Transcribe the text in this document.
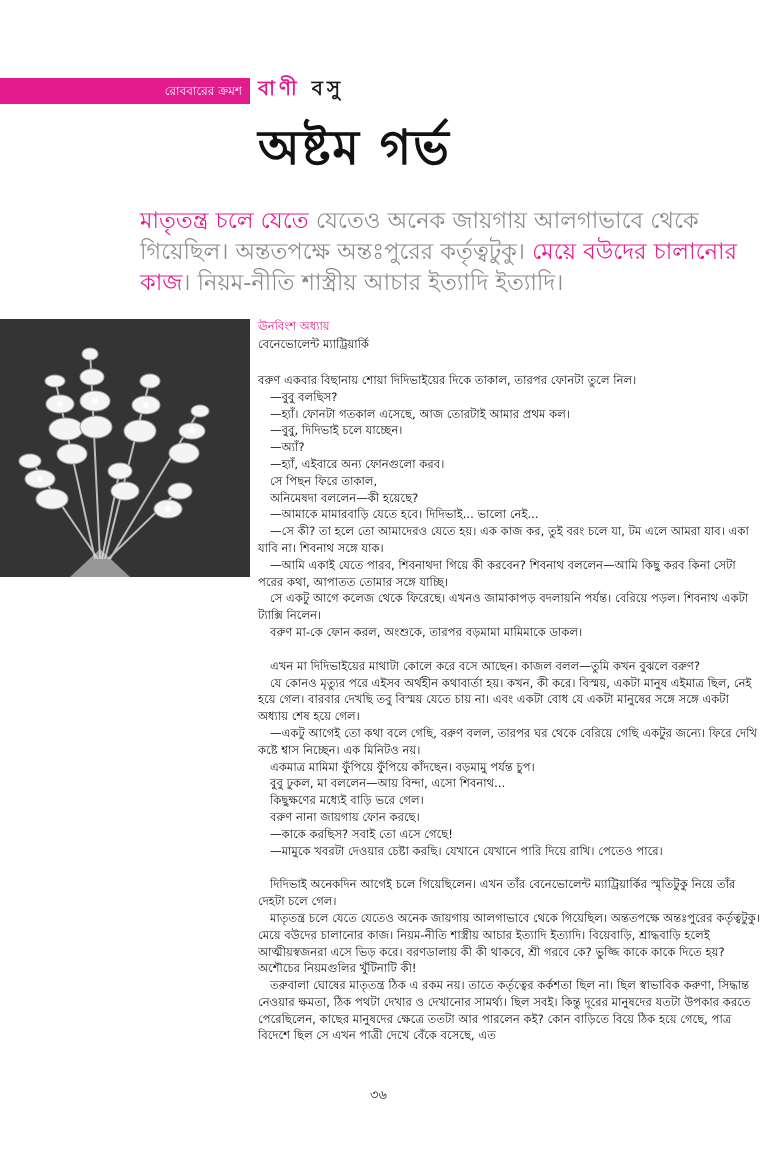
রোববারের ক্রমশ বাণী বসু
অষ্টম গর্ভ
মাতৃতন্ত্র চলে যেতে যেতেও অনেক জায়গায় আলগাভাবে থেকে গিয়েছিল। অন্ততপক্ষে অন্তঃপুরের কর্তৃত্বটুকু। মেয়ে বউদের চালানোর কাজ। নিয়ম-নীতি শাস্ত্রীয় আচার ইত্যাদি ইত্যাদি।
ঊনবিংশ অধ্যায়
বেনেভোলেন্ট ম্যাট্রিয়ার্কি

বরুণ একবার বিছানায় শোয়া দিদিভাইয়ের দিকে তাকাল, তারপর ফোনটা তুলে নিল।

—বুবু বলছিস?

—হ্যাঁ। ফোনটা গতকাল এসেছে, আজ তোরটাই আমার প্রথম কল।

—বুবু, দিদিভাই চলে যাচ্ছেন।

—অ্যাঁ?

—হ্যাঁ, এইবারে অন্য ফোনগুলো করব।

সে পিছন ফিরে তাকাল,

অনিমেষদা বললেন—কী হয়েছে?

—আমাকে মামারবাড়ি যেতে হবে। দিদিভাই... ভালো নেই...

—সে কী? তা হলে তো আমাদেরও যেতে হয়। এক কাজ কর, তুই বরং চলে যা, টম এলে আমরা যাব। একা যাবি না। শিবনাথ সঙ্গে যাক।

—আমি একাই যেতে পারব, শিবনাথদা গিয়ে কী করবেন? শিবনাথ বললেন—আমি কিছু করব কিনা সেটা পরের কথা, আপাতত তোমার সঙ্গে যাচ্ছি।

সে একটু আগে কলেজ থেকে ফিরেছে। এখনও জামাকাপড় বদলায়নি পর্যন্ত। বেরিয়ে পড়ল। শিবনাথ একটা ট্যাক্সি নিলেন।

বরুণ মা-কে ফোন করল, অংশুকে, তারপর বড়মামা মামিমাকে ডাকল।

এখন মা দিদিভাইয়ের মাথাটা কোলে করে বসে আছেন। কাজল বলল—তুমি কখন বুঝলে বরুণ?

যে কোনও মৃত্যুর পরে এইসব অর্থহীন কথাবার্তা হয়। কখন, কী করে। বিস্ময়, একটা মানুষ এইমাত্র ছিল, নেই হয়ে গেল। বারবার দেখছি তবু বিস্ময় যেতে চায় না। এবং একটা বোধ যে একটা মানুষের সঙ্গে সঙ্গে একটা অধ্যায় শেষ হয়ে গেল।

—একটু আগেই তো কথা বলে গেছি, বরুণ বলল, তারপর ঘর থেকে বেরিয়ে গেছি একটুর জন্যে। ফিরে দেখি কষ্টে শ্বাস নিচ্ছেন। এক মিনিটও নয়।

একমাত্র মামিমা ফুঁপিয়ে ফুঁপিয়ে কাঁদছেন। বড়মামু পর্যন্ত চুপ।

বুবু ঢুকল, মা বললেন—আয় বিন্দা, এসো শিবনাথ...

কিছুক্ষণের মধ্যেই বাড়ি ভরে গেল।

বরুণ নানা জায়গায় ফোন করছে।

—কাকে করছিস? সবাই তো এসে গেছে!

—মামুকে খবরটা দেওয়ার চেষ্টা করছি। যেখানে যেখানে পারি দিয়ে রাখি। পেতেও পারে।

দিদিভাই অনেকদিন আগেই চলে গিয়েছিলেন। এখন তাঁর বেনেভোলেন্ট ম্যাট্রিয়ার্কির স্মৃতিটুকু নিয়ে তাঁর দেহটা চলে গেল।

মাতৃতন্ত্র চলে যেতে যেতেও অনেক জায়গায় আলগাভাবে থেকে গিয়েছিল। অন্ততপক্ষে অন্তঃপুরের কর্তৃত্বটুকু। মেয়ে বউদের চালানোর কাজ। নিয়ম-নীতি শাস্ত্রীয় আচার ইত্যাদি ইত্যাদি। বিয়েবাড়ি, শ্রাদ্ধবাড়ি হলেই আত্মীয়স্বজনরা এসে ভিড় করে। বরণডালায় কী কী থাকবে, শ্রী গরবে কে? ভুজ্জি কাকে কাকে দিতে হয়? অশৌচের নিয়মগুলির খুঁটিনাটি কী!

তরুবালা ঘোষের মাতৃতন্ত্র ঠিক এ রকম নয়। তাতে কর্তৃত্বের কর্কশতা ছিল না। ছিল স্বাভাবিক করুণা, সিদ্ধান্ত নেওয়ার ক্ষমতা, ঠিক পথটা দেখার ও দেখানোর সামর্থ্য। ছিল সবই। কিন্তু দূরের মানুষদের যতটা উপকার করতে পেরেছিলেন, কাছের মানুষদের ক্ষেত্রে ততটা আর পারলেন কই? কোন বাড়িতে বিয়ে ঠিক হয়ে গেছে, পাত্র বিদেশে ছিল সে এখন পাত্রী দেখে বেঁকে বসেছে, এত

৩৬
